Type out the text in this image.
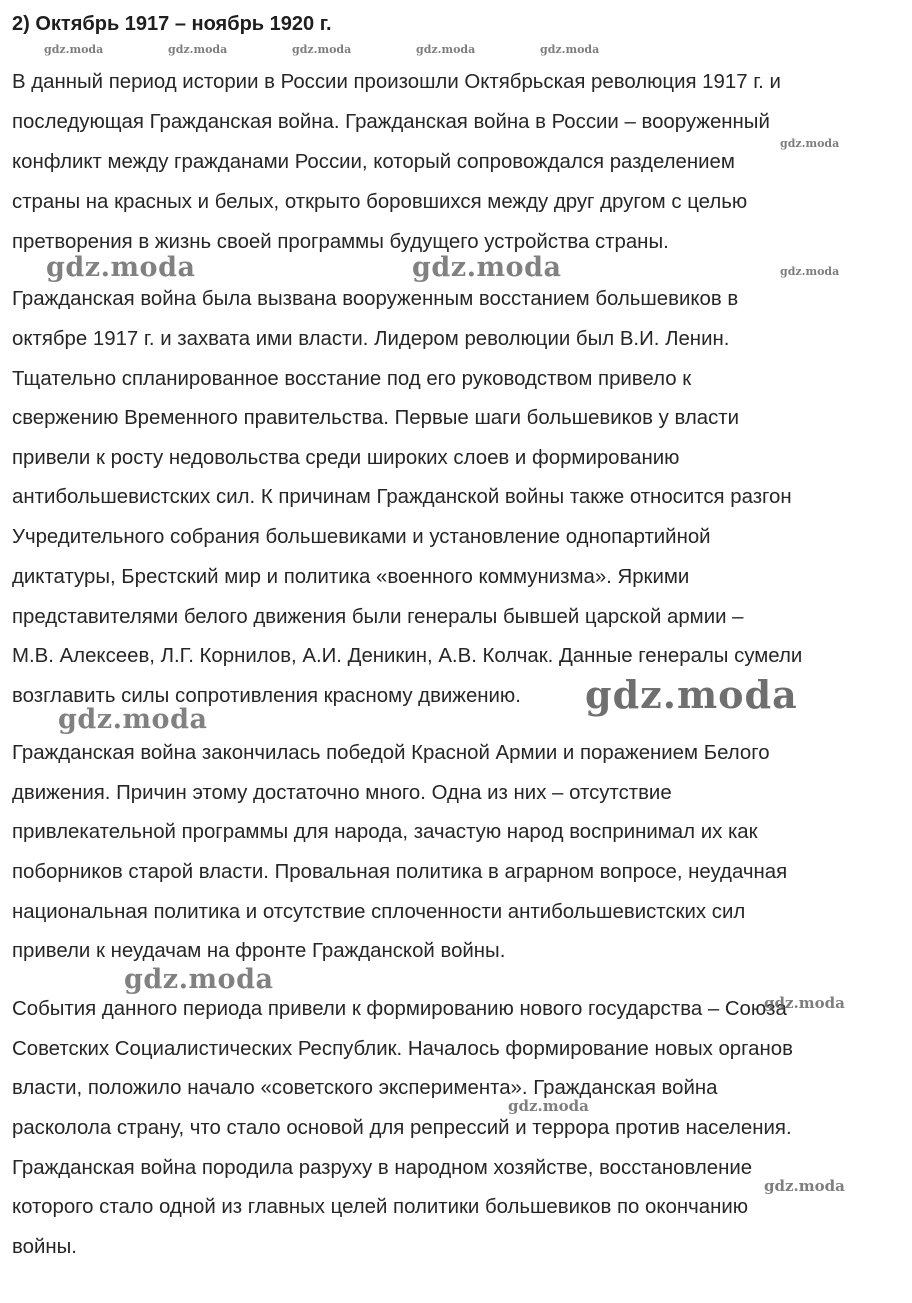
2) Октябрь 1917 – ноябрь 1920 г.

В данный период истории в России произошли Октябрьская революция 1917 г. и

последующая Гражданская война. Гражданская война в России – вооруженный

конфликт между гражданами России, который сопровождался разделением

страны на красных и белых, открыто боровшихся между друг другом с целью

претворения в жизнь своей программы будущего устройства страны.

Гражданская война была вызвана вооруженным восстанием большевиков в

октябре 1917 г. и захвата ими власти. Лидером революции был В.И. Ленин.

Тщательно спланированное восстание под его руководством привело к

свержению Временного правительства. Первые шаги большевиков у власти

привели к росту недовольства среди широких слоев и формированию

антибольшевистских сил. К причинам Гражданской войны также относится разгон

Учредительного собрания большевиками и установление однопартийной

диктатуры, Брестский мир и политика «военного коммунизма». Яркими

представителями белого движения были генералы бывшей царской армии –

М.В. Алексеев, Л.Г. Корнилов, А.И. Деникин, А.В. Колчак. Данные генералы сумели

возглавить силы сопротивления красному движению.

Гражданская война закончилась победой Красной Армии и поражением Белого

движения. Причин этому достаточно много. Одна из них – отсутствие

привлекательной программы для народа, зачастую народ воспринимал их как

поборников старой власти. Провальная политика в аграрном вопросе, неудачная

национальная политика и отсутствие сплоченности антибольшевистских сил

привели к неудачам на фронте Гражданской войны.

События данного периода привели к формированию нового государства – Союза

Советских Социалистических Республик. Началось формирование новых органов

власти, положило начало «советского эксперимента». Гражданская война

расколола страну, что стало основой для репрессий и террора против населения.

Гражданская война породила разруху в народном хозяйстве, восстановление

которого стало одной из главных целей политики большевиков по окончанию

войны.

gdz.moda	gdz.moda	gdz.moda	gdz.moda	gdz.moda
gdz.moda
gdz.moda	gdz.moda	gdz.moda
gdz.moda
gdz.moda
gdz.moda
gdz.moda
gdz.moda
gdz.moda
